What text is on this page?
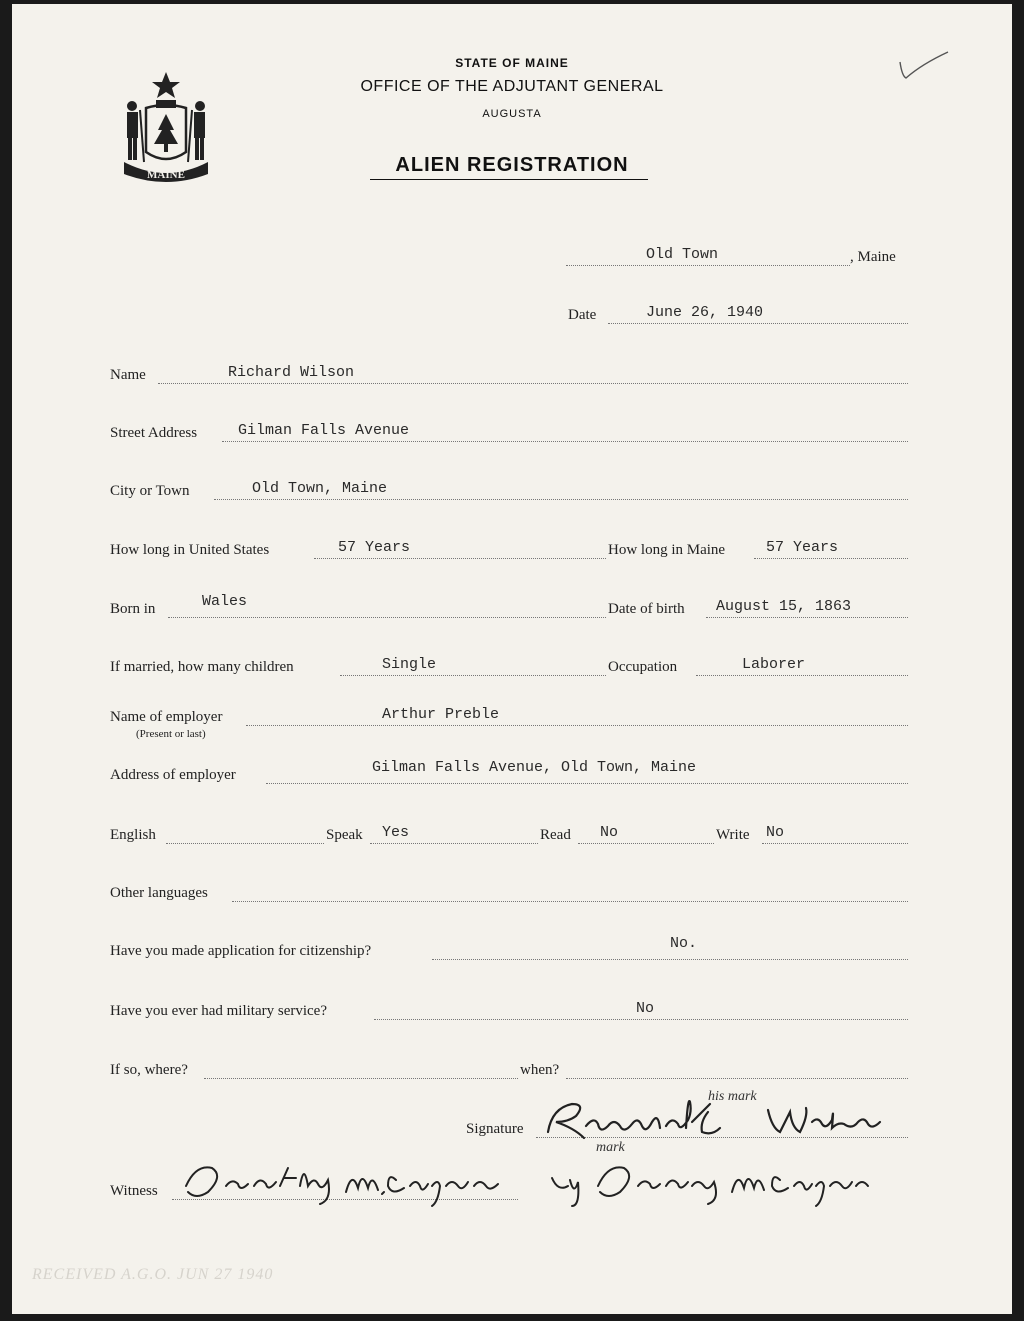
MAINE
STATE OF MAINE
OFFICE OF THE ADJUTANT GENERAL
AUGUSTA
ALIEN REGISTRATION
Old Town	, Maine
Date	June 26, 1940
Name	Richard Wilson
Street Address	Gilman Falls Avenue
City or Town	Old Town, Maine
How long in United States	57 Years	How long in Maine	57 Years
Born in	Wales	Date of birth August 15, 1863
If married, how many children	Single	Occupation	Laborer
Name of employer
(Present or last)
Arthur Preble
Address of employer	Gilman Falls Avenue, Old Town, Maine
English	Speak Yes	Read No	Write No
Other languages
Have you made application for citizenship?	No.
Have you ever had military service?	No
If so, where?	when?
Signature
his mark
Witness
mark
RECEIVED A.G.O. JUN 27 1940
